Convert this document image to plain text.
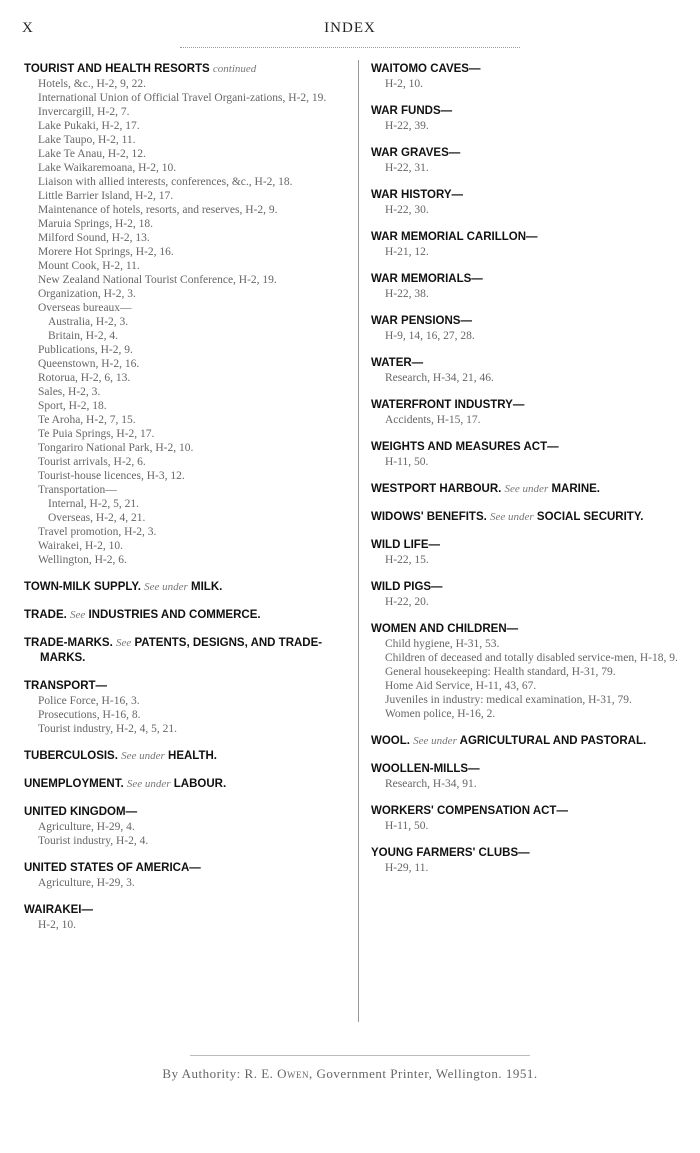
X	INDEX
TOURIST AND HEALTH RESORTS continued
Hotels, &c., H-2, 9, 22.
International Union of Official Travel Organi-zations, H-2, 19.
Invercargill, H-2, 7.
Lake Pukaki, H-2, 17.
Lake Taupo, H-2, 11.
Lake Te Anau, H-2, 12.
Lake Waikaremoana, H-2, 10.
Liaison with allied interests, conferences, &c., H-2, 18.
Little Barrier Island, H-2, 17.
Maintenance of hotels, resorts, and reserves, H-2, 9.
Maruia Springs, H-2, 18.
Milford Sound, H-2, 13.
Morere Hot Springs, H-2, 16.
Mount Cook, H-2, 11.
New Zealand National Tourist Conference, H-2, 19.
Organization, H-2, 3.
Overseas bureaux—
Australia, H-2, 3.
Britain, H-2, 4.
Publications, H-2, 9.
Queenstown, H-2, 16.
Rotorua, H-2, 6, 13.
Sales, H-2, 3.
Sport, H-2, 18.
Te Aroha, H-2, 7, 15.
Te Puia Springs, H-2, 17.
Tongariro National Park, H-2, 10.
Tourist arrivals, H-2, 6.
Tourist-house licences, H-3, 12.
Transportation—
Internal, H-2, 5, 21.
Overseas, H-2, 4, 21.
Travel promotion, H-2, 3.
Wairakei, H-2, 10.
Wellington, H-2, 6.
TOWN-MILK SUPPLY. See under MILK.
TRADE. See INDUSTRIES AND COMMERCE.
TRADE-MARKS. See PATENTS, DESIGNS, AND TRADE-MARKS.
TRANSPORT—
Police Force, H-16, 3.
Prosecutions, H-16, 8.
Tourist industry, H-2, 4, 5, 21.
TUBERCULOSIS. See under HEALTH.
UNEMPLOYMENT. See under LABOUR.
UNITED KINGDOM—
Agriculture, H-29, 4.
Tourist industry, H-2, 4.
UNITED STATES OF AMERICA—
Agriculture, H-29, 3.
WAIRAKEI—
H-2, 10.
WAITOMO CAVES—
H-2, 10.
WAR FUNDS—
H-22, 39.
WAR GRAVES—
H-22, 31.
WAR HISTORY—
H-22, 30.
WAR MEMORIAL CARILLON—
H-21, 12.
WAR MEMORIALS—
H-22, 38.
WAR PENSIONS—
H-9, 14, 16, 27, 28.
WATER—
Research, H-34, 21, 46.
WATERFRONT INDUSTRY—
Accidents, H-15, 17.
WEIGHTS AND MEASURES ACT—
H-11, 50.
WESTPORT HARBOUR. See under MARINE.
WIDOWS' BENEFITS. See under SOCIAL SECURITY.
WILD LIFE—
H-22, 15.
WILD PIGS—
H-22, 20.
WOMEN AND CHILDREN—
Child hygiene, H-31, 53.
Children of deceased and totally disabled service-men, H-18, 9.
General housekeeping: Health standard, H-31, 79.
Home Aid Service, H-11, 43, 67.
Juveniles in industry: medical examination, H-31, 79.
Women police, H-16, 2.
WOOL. See under AGRICULTURAL AND PASTORAL.
WOOLLEN-MILLS—
Research, H-34, 91.
WORKERS' COMPENSATION ACT—
H-11, 50.
YOUNG FARMERS' CLUBS—
H-29, 11.
By Authority: R. E. Owen, Government Printer, Wellington. 1951.
